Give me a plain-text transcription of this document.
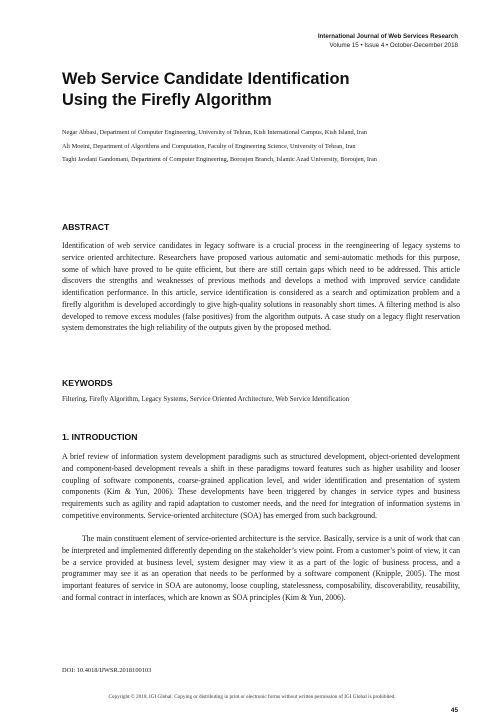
International Journal of Web Services Research
Volume 15 • Issue 4 • October-December 2018
Web Service Candidate Identification
Using the Firefly Algorithm
Negar Abbasi, Department of Computer Engineering, University of Tehran, Kish International Campus, Kish Island, Iran
Ali Moeini, Department of Algorithms and Computation, Faculty of Engineering Science, University of Tehran, Iran
Taghi Javdani Gandomani, Department of Computer Engineering, Boroujen Branch, Islamic Azad University, Boroujen, Iran
ABSTRACT

Identification of web service candidates in legacy software is a crucial process in the reengineering of legacy systems to service oriented architecture. Researchers have proposed various automatic and semi-automatic methods for this purpose, some of which have proved to be quite efficient, but there are still certain gaps which need to be addressed. This article discovers the strengths and weaknesses of previous methods and develops a method with improved service candidate identification performance. In this article, service identification is considered as a search and optimization problem and a firefly algorithm is developed accordingly to give high-quality solutions in reasonably short times. A filtering method is also developed to remove excess modules (false positives) from the algorithm outputs. A case study on a legacy flight reservation system demonstrates the high reliability of the outputs given by the proposed method.

KEYWORDS
Filtering, Firefly Algorithm, Legacy Systems, Service Oriented Architecture, Web Service Identification
1. INTRODUCTION

A brief review of information system development paradigms such as structured development, object-oriented development and component-based development reveals a shift in these paradigms toward features such as higher usability and looser coupling of software components, coarse-grained application level, and wider identification and presentation of system components (Kim & Yun, 2006). These developments have been triggered by changes in service types and business requirements such as agility and rapid adaptation to customer needs, and the need for integration of information systems in competitive environments. Service-oriented architecture (SOA) has emerged from such background.

The main constituent element of service-oriented architecture is the service. Basically, service is a unit of work that can be interpreted and implemented differently depending on the stakeholder’s view point. From a customer’s point of view, it can be a service provided at business level, system designer may view it as a part of the logic of business process, and a programmer may see it as an operation that needs to be performed by a software component (Knipple, 2005). The most important features of service in SOA are autonomy, loose coupling, statelessness, composability, discoverability, reusability, and formal contract in interfaces, which are known as SOA principles (Kim & Yun, 2006).

DOI: 10.4018/IJWSR.2018100103
Copyright © 2018, IGI Global. Copying or distributing in print or electronic forms without written permission of IGI Global is prohibited.
45
